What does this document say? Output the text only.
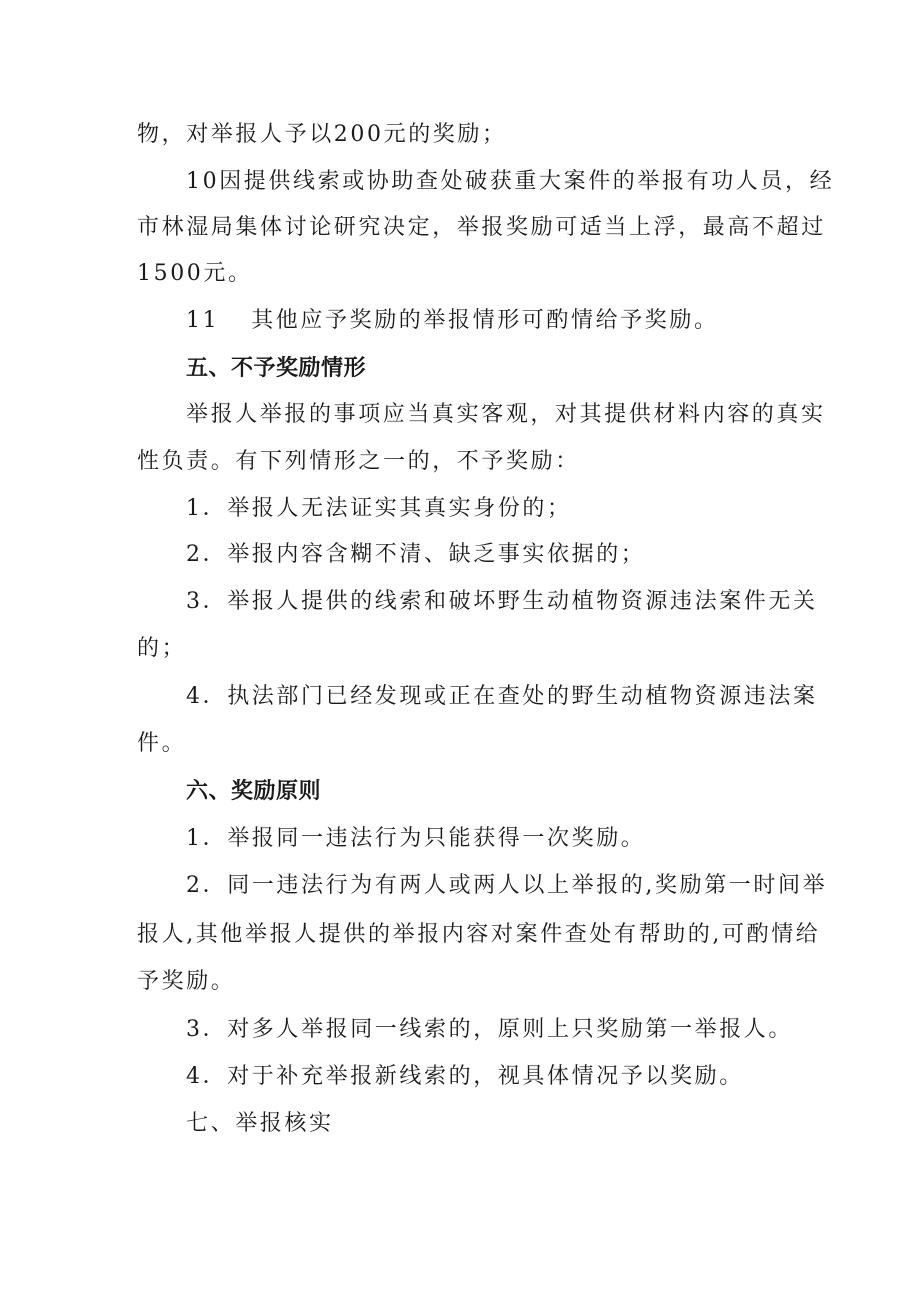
物，对举报人予以200元的奖励；
10因提供线索或协助查处破获重大案件的举报有功人员，经
市林湿局集体讨论研究决定，举报奖励可适当上浮，最高不超过
1500元。
11 其他应予奖励的举报情形可酌情给予奖励。
五、不予奖励情形
举报人举报的事项应当真实客观，对其提供材料内容的真实
性负责。有下列情形之一的，不予奖励：
1．举报人无法证实其真实身份的；
2．举报内容含糊不清、缺乏事实依据的；
3．举报人提供的线索和破坏野生动植物资源违法案件无关
的；
4．执法部门已经发现或正在查处的野生动植物资源违法案
件。
六、奖励原则
1．举报同一违法行为只能获得一次奖励。
2．同一违法行为有两人或两人以上举报的,奖励第一时间举
报人,其他举报人提供的举报内容对案件查处有帮助的,可酌情给
予奖励。
3．对多人举报同一线索的，原则上只奖励第一举报人。
4．对于补充举报新线索的，视具体情况予以奖励。
七、举报核实
